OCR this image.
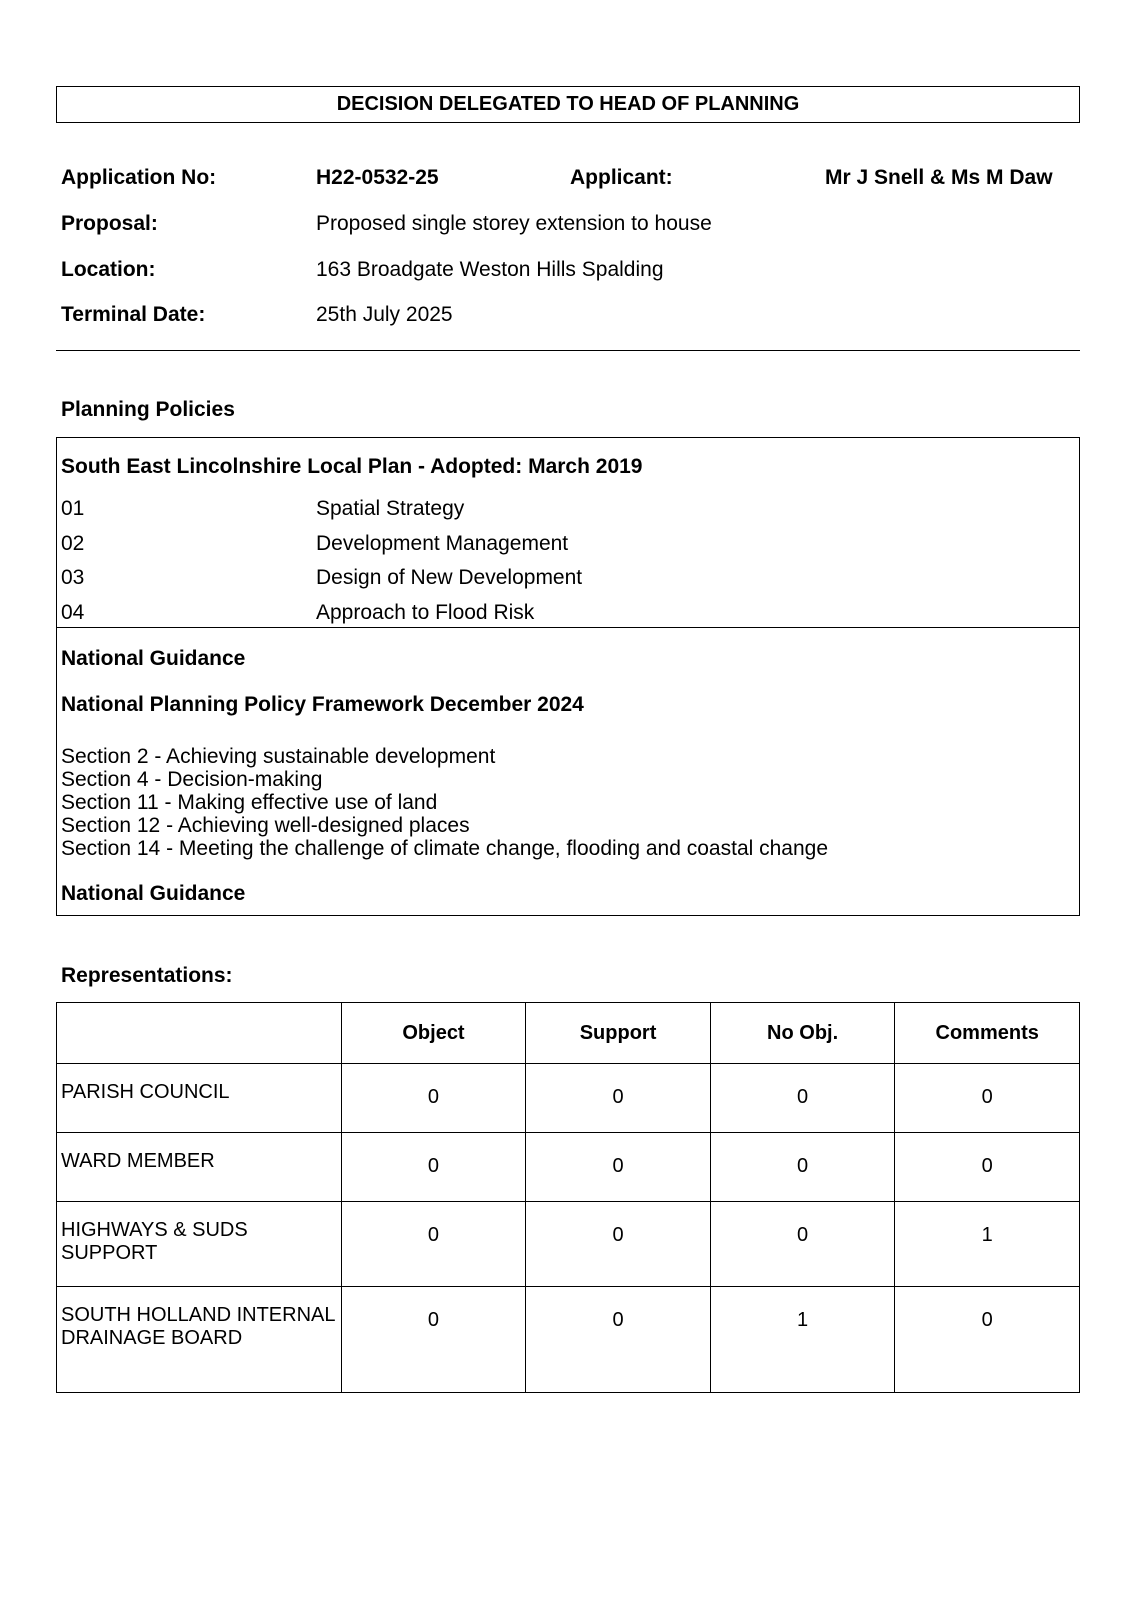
DECISION DELEGATED TO HEAD OF PLANNING
Application No:	H22-0532-25	Applicant:	Mr J Snell & Ms M Daw
Proposal:	Proposed single storey extension to house
Location:	163 Broadgate Weston Hills Spalding
Terminal Date:	25th July 2025
Planning Policies
South East Lincolnshire Local Plan - Adopted: March 2019
01	Spatial Strategy
02	Development Management
03	Design of New Development
04	Approach to Flood Risk
National Guidance
National Planning Policy Framework December 2024
Section 2 - Achieving sustainable development
Section 4 - Decision-making
Section 11 - Making effective use of land
Section 12 - Achieving well-designed places
Section 14 - Meeting the challenge of climate change, flooding and coastal change
National Guidance
Representations:
	Object	Support	No Obj.	Comments
PARISH COUNCIL	0	0	0	0
WARD MEMBER	0	0	0	0
HIGHWAYS & SUDS SUPPORT	0	0	0	1
SOUTH HOLLAND INTERNAL DRAINAGE BOARD	0	0	1	0
